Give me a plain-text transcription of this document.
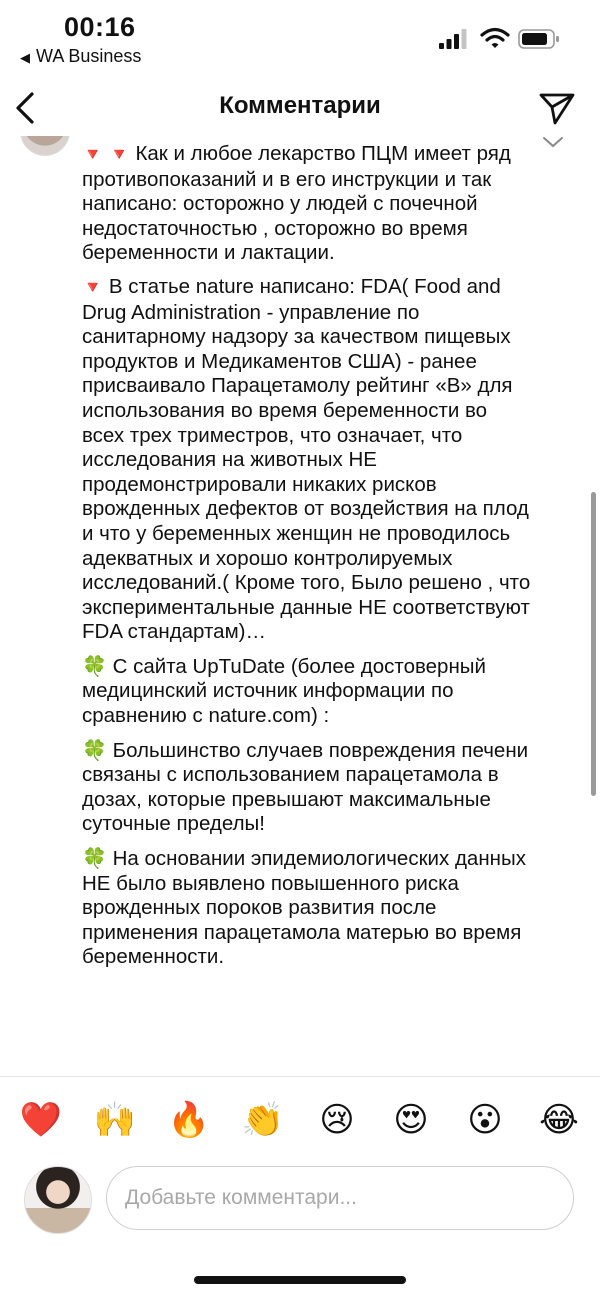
00:16
◀ WA Business
Комментарии

🔻 🔻 Как и любое лекарство ПЦМ имеет ряд противопоказаний и в его инструкции и так написано: осторожно у людей с почечной недостаточностью , осторожно во время беременности и лактации.

🔻 В статье nature написано: FDA( Food and Drug Administration - управление по санитарному надзору за качеством пищевых продуктов и Медикаментов США) - ранее присваивало Парацетамолу рейтинг «B» для использования во время беременности во всех трех триместров, что означает, что исследования на животных НЕ продемонстрировали никаких рисков врожденных дефектов от воздействия на плод и что у беременных женщин не проводилось адекватных и хорошо контролируемых исследований.( Кроме того, Было решено , что экспериментальные данные НЕ соответствуют FDA стандартам)…

🍀 С сайта UpTuDate (более достоверный медицинский источник информации по сравнению с nature.com) :

🍀 Большинство случаев повреждения печени связаны с использованием парацетамола в дозах, которые превышают максимальные суточные пределы!

🍀 На основании эпидемиологических данных НЕ было выявлено повышенного риска врожденных пороков развития после применения парацетамола матерью во время беременности.

❤️ 🙌 🔥 👏 😢 😍 😮 😂
Добавьте комментари...
